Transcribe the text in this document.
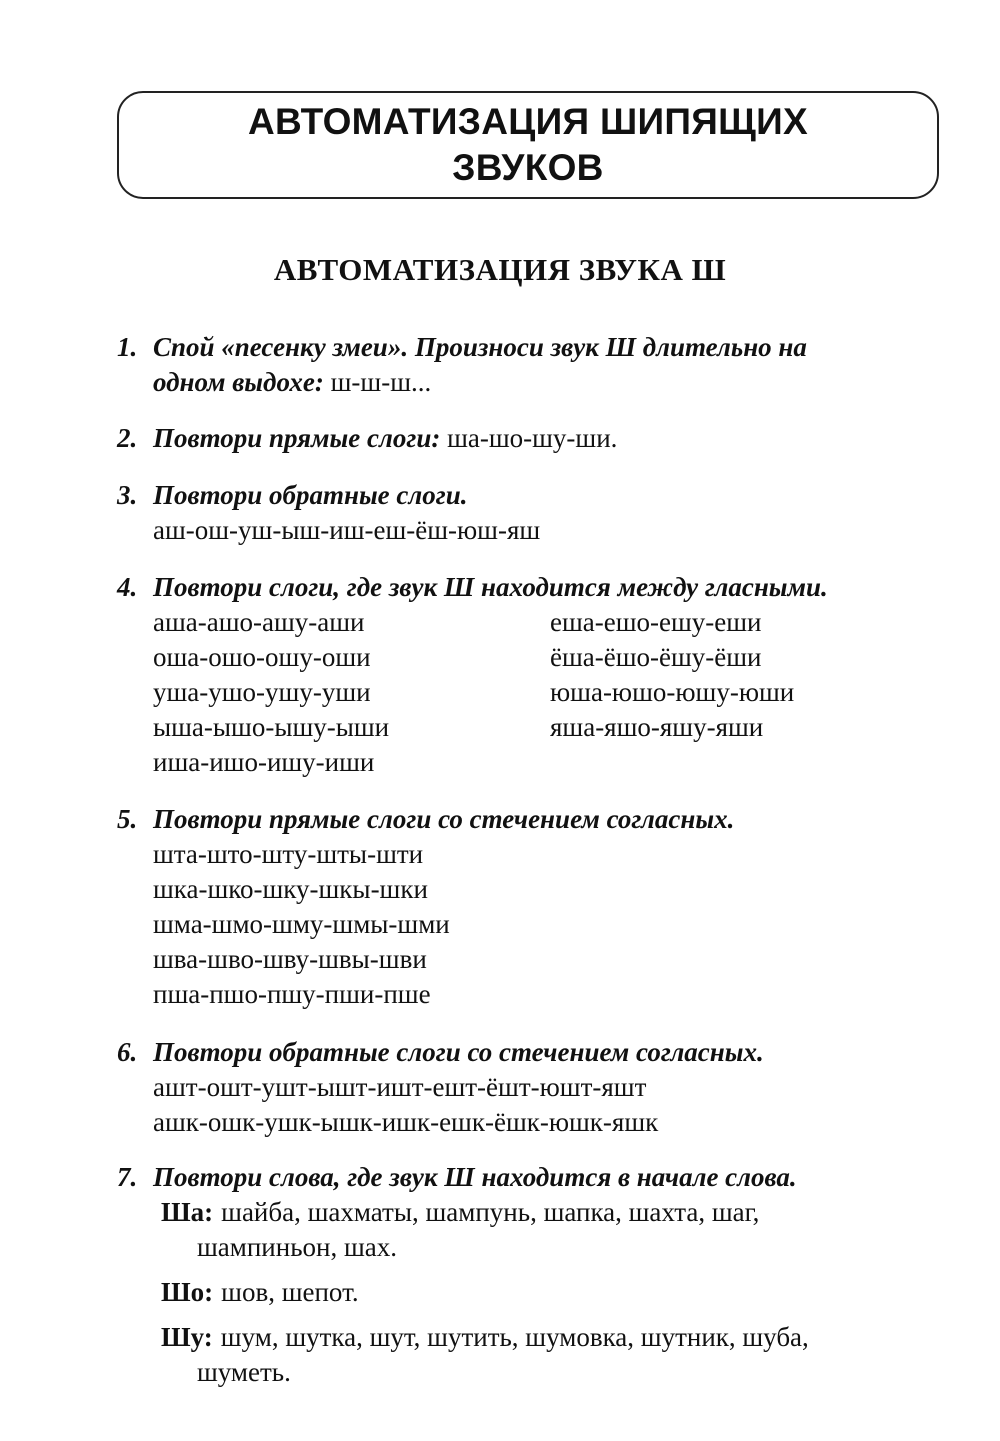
АВТОМАТИЗАЦИЯ ШИПЯЩИХ
ЗВУКОВ
АВТОМАТИЗАЦИЯ ЗВУКА Ш
1. Спой «песенку змеи». Произноси звук Ш длительно на
одном выдохе: ш-ш-ш...
2. Повтори прямые слоги: ша-шо-шу-ши.
3. Повтори обратные слоги.
аш-ош-уш-ыш-иш-еш-ёш-юш-яш
4. Повтори слоги, где звук Ш находится между гласными.
аша-ашо-ашу-аши
оша-ошо-ошу-оши
уша-ушо-ушу-уши
ыша-ышо-ышу-ыши
иша-ишо-ишу-иши
еша-ешо-ешу-еши
ёша-ёшо-ёшу-ёши
юша-юшо-юшу-юши
яша-яшо-яшу-яши
5. Повтори прямые слоги со стечением согласных.
шта-што-шту-шты-шти
шка-шко-шку-шкы-шки
шма-шмо-шму-шмы-шми
шва-шво-шву-швы-шви
пша-пшо-пшу-пши-пше
6. Повтори обратные слоги со стечением согласных.
ашт-ошт-ушт-ышт-ишт-ешт-ёшт-юшт-яшт
ашк-ошк-ушк-ышк-ишк-ешк-ёшк-юшк-яшк
7. Повтори слова, где звук Ш находится в начале слова.
Ша: шайба, шахматы, шампунь, шапка, шахта, шаг,
шампиньон, шах.
Шо: шов, шепот.
Шу: шум, шутка, шут, шутить, шумовка, шутник, шуба,
шуметь.
